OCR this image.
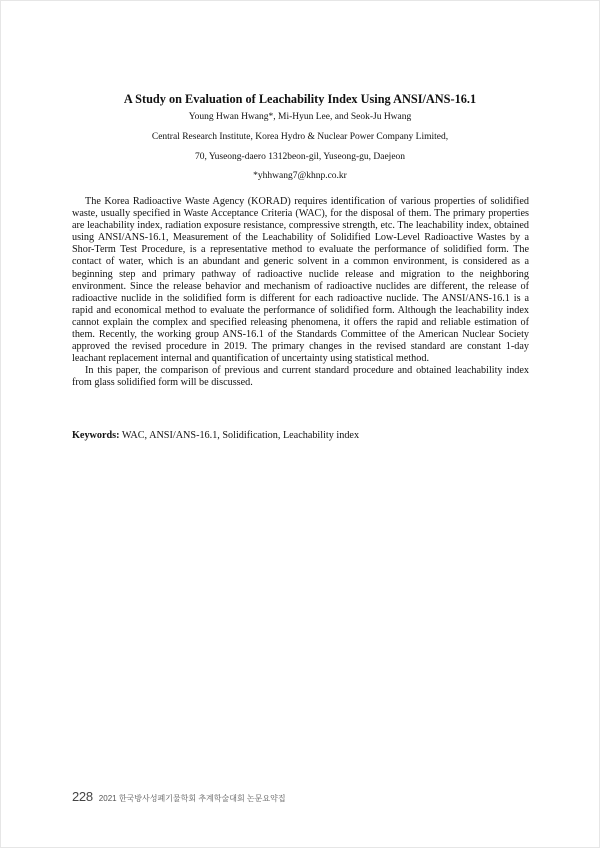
A Study on Evaluation of Leachability Index Using ANSI/ANS-16.1
Young Hwan Hwang*, Mi-Hyun Lee, and Seok-Ju Hwang
Central Research Institute, Korea Hydro & Nuclear Power Company Limited,
70, Yuseong-daero 1312beon-gil, Yuseong-gu, Daejeon
*yhhwang7@khnp.co.kr

The Korea Radioactive Waste Agency (KORAD) requires identification of various properties of solidified waste, usually specified in Waste Acceptance Criteria (WAC), for the disposal of them. The primary properties are leachability index, radiation exposure resistance, compressive strength, etc. The leachability index, obtained using ANSI/ANS-16.1, Measurement of the Leachability of Solidified Low-Level Radioactive Wastes by a Shor-Term Test Procedure, is a representative method to evaluate the performance of solidified form. The contact of water, which is an abundant and generic solvent in a common environment, is considered as a beginning step and primary pathway of radioactive nuclide release and migration to the neighboring environment. Since the release behavior and mechanism of radioactive nuclides are different, the release of radioactive nuclide in the solidified form is different for each radioactive nuclide. The ANSI/ANS-16.1 is a rapid and economical method to evaluate the performance of solidified form. Although the leachability index cannot explain the complex and specified releasing phenomena, it offers the rapid and reliable estimation of them. Recently, the working group ANS-16.1 of the Standards Committee of the American Nuclear Society approved the revised procedure in 2019. The primary changes in the revised standard are constant 1-day leachant replacement internal and quantification of uncertainty using statistical method.

In this paper, the comparison of previous and current standard procedure and obtained leachability index from glass solidified form will be discussed.

Keywords: WAC, ANSI/ANS-16.1, Solidification, Leachability index
228 2021 한국방사성폐기물학회 추계학술대회 논문요약집
